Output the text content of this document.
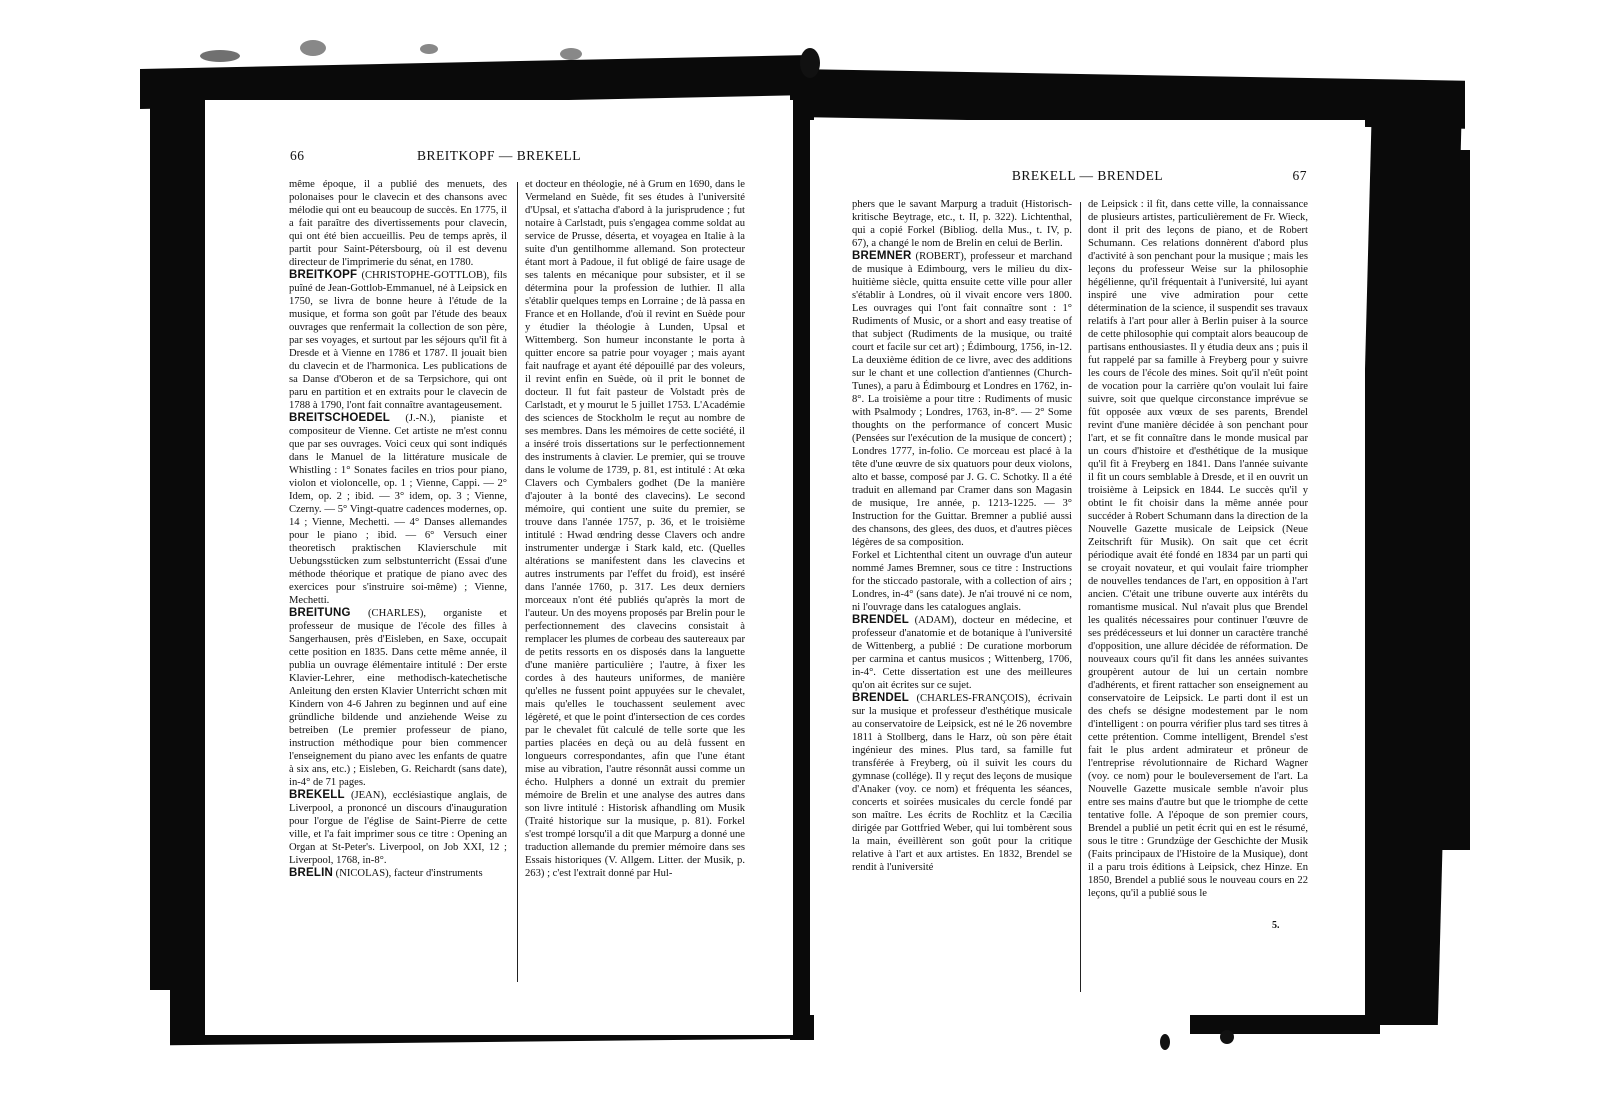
66	BREITKOPF — BREKELL

même époque, il a publié des menuets, des polonaises pour le clavecin et des chansons avec mélodie qui ont eu beaucoup de succès. En 1775, il a fait paraître des divertissements pour clavecin, qui ont été bien accueillis. Peu de temps après, il partit pour Saint-Pétersbourg, où il est devenu directeur de l'imprimerie du sénat, en 1780.

BREITKOPF (CHRISTOPHE-GOTTLOB), fils puîné de Jean-Gottlob-Emmanuel, né à Leipsick en 1750, se livra de bonne heure à l'étude de la musique, et forma son goût par l'étude des beaux ouvrages que renfermait la collection de son père, par ses voyages, et surtout par les séjours qu'il fit à Dresde et à Vienne en 1786 et 1787. Il jouait bien du clavecin et de l'harmonica. Les publications de sa Danse d'Oberon et de sa Terpsichore, qui ont paru en partition et en extraits pour le clavecin de 1788 à 1790, l'ont fait connaître avantageusement.

BREITSCHOEDEL (J.-N.), pianiste et compositeur de Vienne. Cet artiste ne m'est connu que par ses ouvrages. Voici ceux qui sont indiqués dans le Manuel de la littérature musicale de Whistling : 1° Sonates faciles en trios pour piano, violon et violoncelle, op. 1 ; Vienne, Cappi. — 2° Idem, op. 2 ; ibid. — 3° idem, op. 3 ; Vienne, Czerny. — 5° Vingt-quatre cadences modernes, op. 14 ; Vienne, Mechetti. — 4° Danses allemandes pour le piano ; ibid. — 6° Versuch einer theoretisch praktischen Klavierschule mit Uebungsstücken zum selbstunterricht (Essai d'une méthode théorique et pratique de piano avec des exercices pour s'instruire soi-même) ; Vienne, Mechetti.

BREITUNG (CHARLES), organiste et professeur de musique de l'école des filles à Sangerhausen, près d'Eisleben, en Saxe, occupait cette position en 1835. Dans cette même année, il publia un ouvrage élémentaire intitulé : Der erste Klavier-Lehrer, eine methodisch-katechetische Anleitung den ersten Klavier Unterricht schœn mit Kindern von 4-6 Jahren zu beginnen und auf eine gründliche bildende und anziehende Weise zu betreiben (Le premier professeur de piano, instruction méthodique pour bien commencer l'enseignement du piano avec les enfants de quatre à six ans, etc.) ; Eisleben, G. Reichardt (sans date), in-4° de 71 pages.

BREKELL (JEAN), ecclésiastique anglais, de Liverpool, a prononcé un discours d'inauguration pour l'orgue de l'église de Saint-Pierre de cette ville, et l'a fait imprimer sous ce titre : Opening an Organ at St-Peter's. Liverpool, on Job XXI, 12 ; Liverpool, 1768, in-8°.

BRELIN (NICOLAS), facteur d'instruments

et docteur en théologie, né à Grum en 1690, dans le Vermeland en Suède, fit ses études à l'université d'Upsal, et s'attacha d'abord à la jurisprudence ; fut notaire à Carlstadt, puis s'engagea comme soldat au service de Prusse, déserta, et voyagea en Italie à la suite d'un gentilhomme allemand. Son protecteur étant mort à Padoue, il fut obligé de faire usage de ses talents en mécanique pour subsister, et il se détermina pour la profession de luthier. Il alla s'établir quelques temps en Lorraine ; de là passa en France et en Hollande, d'où il revint en Suède pour y étudier la théologie à Lunden, Upsal et Wittemberg. Son humeur inconstante le porta à quitter encore sa patrie pour voyager ; mais ayant fait naufrage et ayant été dépouillé par des voleurs, il revint enfin en Suède, où il prit le bonnet de docteur. Il fut fait pasteur de Volstadt près de Carlstadt, et y mourut le 5 juillet 1753. L'Académie des sciences de Stockholm le reçut au nombre de ses membres. Dans les mémoires de cette société, il a inséré trois dissertations sur le perfectionnement des instruments à clavier. Le premier, qui se trouve dans le volume de 1739, p. 81, est intitulé : At œka Clavers och Cymbalers godhet (De la manière d'ajouter à la bonté des clavecins). Le second mémoire, qui contient une suite du premier, se trouve dans l'année 1757, p. 36, et le troisième intitulé : Hwad œndring desse Clavers och andre instrumenter undergæ i Stark kald, etc. (Quelles altérations se manifestent dans les clavecins et autres instruments par l'effet du froid), est inséré dans l'année 1760, p. 317. Les deux derniers morceaux n'ont été publiés qu'après la mort de l'auteur. Un des moyens proposés par Brelin pour le perfectionnement des clavecins consistait à remplacer les plumes de corbeau des sautereaux par de petits ressorts en os disposés dans la languette d'une manière particulière ; l'autre, à fixer les cordes à des hauteurs uniformes, de manière qu'elles ne fussent point appuyées sur le chevalet, mais qu'elles le touchassent seulement avec légèreté, et que le point d'intersection de ces cordes par le chevalet fût calculé de telle sorte que les parties placées en deçà ou au delà fussent en longueurs correspondantes, afin que l'une étant mise au vibration, l'autre résonnât aussi comme un écho. Hulphers a donné un extrait du premier mémoire de Brelin et une analyse des autres dans son livre intitulé : Historisk afhandling om Musik (Traité historique sur la musique, p. 81). Forkel s'est trompé lorsqu'il a dit que Marpurg a donné une traduction allemande du premier mémoire dans ses Essais historiques (V. Allgem. Litter. der Musik, p. 263) ; c'est l'extrait donné par Hul-

BREKELL — BRENDEL	67

phers que le savant Marpurg a traduit (Historisch-kritische Beytrage, etc., t. II, p. 322). Lichtenthal, qui a copié Forkel (Bibliog. della Mus., t. IV, p. 67), a changé le nom de Brelin en celui de Berlin.

BREMNER (ROBERT), professeur et marchand de musique à Edimbourg, vers le milieu du dix-huitième siècle, quitta ensuite cette ville pour aller s'établir à Londres, où il vivait encore vers 1800. Les ouvrages qui l'ont fait connaître sont : 1° Rudiments of Music, or a short and easy treatise of that subject (Rudiments de la musique, ou traité court et facile sur cet art) ; Édimbourg, 1756, in-12. La deuxième édition de ce livre, avec des additions sur le chant et une collection d'antiennes (Church-Tunes), a paru à Édimbourg et Londres en 1762, in-8°. La troisième a pour titre : Rudiments of music with Psalmody ; Londres, 1763, in-8°. — 2° Some thoughts on the performance of concert Music (Pensées sur l'exécution de la musique de concert) ; Londres 1777, in-folio. Ce morceau est placé à la tête d'une œuvre de six quatuors pour deux violons, alto et basse, composé par J. G. C. Schotky. Il a été traduit en allemand par Cramer dans son Magasin de musique, 1re année, p. 1213-1225. — 3° Instruction for the Guittar. Bremner a publié aussi des chansons, des glees, des duos, et d'autres pièces légères de sa composition.

Forkel et Lichtenthal citent un ouvrage d'un auteur nommé James Bremner, sous ce titre : Instructions for the sticcado pastorale, with a collection of airs ; Londres, in-4° (sans date). Je n'ai trouvé ni ce nom, ni l'ouvrage dans les catalogues anglais.

BRENDEL (ADAM), docteur en médecine, et professeur d'anatomie et de botanique à l'université de Wittenberg, a publié : De curatione morborum per carmina et cantus musicos ; Wittenberg, 1706, in-4°. Cette dissertation est une des meilleures qu'on ait écrites sur ce sujet.

BRENDEL (CHARLES-FRANÇOIS), écrivain sur la musique et professeur d'esthétique musicale au conservatoire de Leipsick, est né le 26 novembre 1811 à Stollberg, dans le Harz, où son père était ingénieur des mines. Plus tard, sa famille fut transférée à Freyberg, où il suivit les cours du gymnase (collége). Il y reçut des leçons de musique d'Anaker (voy. ce nom) et fréquenta les séances, concerts et soirées musicales du cercle fondé par son maître. Les écrits de Rochlitz et la Cæcilia dirigée par Gottfried Weber, qui lui tombèrent sous la main, éveillèrent son goût pour la critique relative à l'art et aux artistes. En 1832, Brendel se rendit à l'université

de Leipsick : il fit, dans cette ville, la connaissance de plusieurs artistes, particulièrement de Fr. Wieck, dont il prit des leçons de piano, et de Robert Schumann. Ces relations donnèrent d'abord plus d'activité à son penchant pour la musique ; mais les leçons du professeur Weise sur la philosophie hégélienne, qu'il fréquentait à l'université, lui ayant inspiré une vive admiration pour cette détermination de la science, il suspendit ses travaux relatifs à l'art pour aller à Berlin puiser à la source de cette philosophie qui comptait alors beaucoup de partisans enthousiastes. Il y étudia deux ans ; puis il fut rappelé par sa famille à Freyberg pour y suivre les cours de l'école des mines. Soit qu'il n'eût point de vocation pour la carrière qu'on voulait lui faire suivre, soit que quelque circonstance imprévue se fût opposée aux vœux de ses parents, Brendel revint d'une manière décidée à son penchant pour l'art, et se fit connaître dans le monde musical par un cours d'histoire et d'esthétique de la musique qu'il fit à Freyberg en 1841. Dans l'année suivante il fit un cours semblable à Dresde, et il en ouvrit un troisième à Leipsick en 1844. Le succès qu'il y obtint le fit choisir dans la même année pour succéder à Robert Schumann dans la direction de la Nouvelle Gazette musicale de Leipsick (Neue Zeitschrift für Musik). On sait que cet écrit périodique avait été fondé en 1834 par un parti qui se croyait novateur, et qui voulait faire triompher de nouvelles tendances de l'art, en opposition à l'art ancien. C'était une tribune ouverte aux intérêts du romantisme musical. Nul n'avait plus que Brendel les qualités nécessaires pour continuer l'œuvre de ses prédécesseurs et lui donner un caractère tranché d'opposition, une allure décidée de réformation. De nouveaux cours qu'il fit dans les années suivantes groupèrent autour de lui un certain nombre d'adhérents, et firent rattacher son enseignement au conservatoire de Leipsick. Le parti dont il est un des chefs se désigne modestement par le nom d'intelligent : on pourra vérifier plus tard ses titres à cette prétention. Comme intelligent, Brendel s'est fait le plus ardent admirateur et prôneur de l'entreprise révolutionnaire de Richard Wagner (voy. ce nom) pour le bouleversement de l'art. La Nouvelle Gazette musicale semble n'avoir plus entre ses mains d'autre but que le triomphe de cette tentative folle. A l'époque de son premier cours, Brendel a publié un petit écrit qui en est le résumé, sous le titre : Grundzüge der Geschichte der Musik (Faits principaux de l'Histoire de la Musique), dont il a paru trois éditions à Leipsick, chez Hinze. En 1850, Brendel a publié sous le nouveau cours en 22 leçons, qu'il a publié sous le

5.
